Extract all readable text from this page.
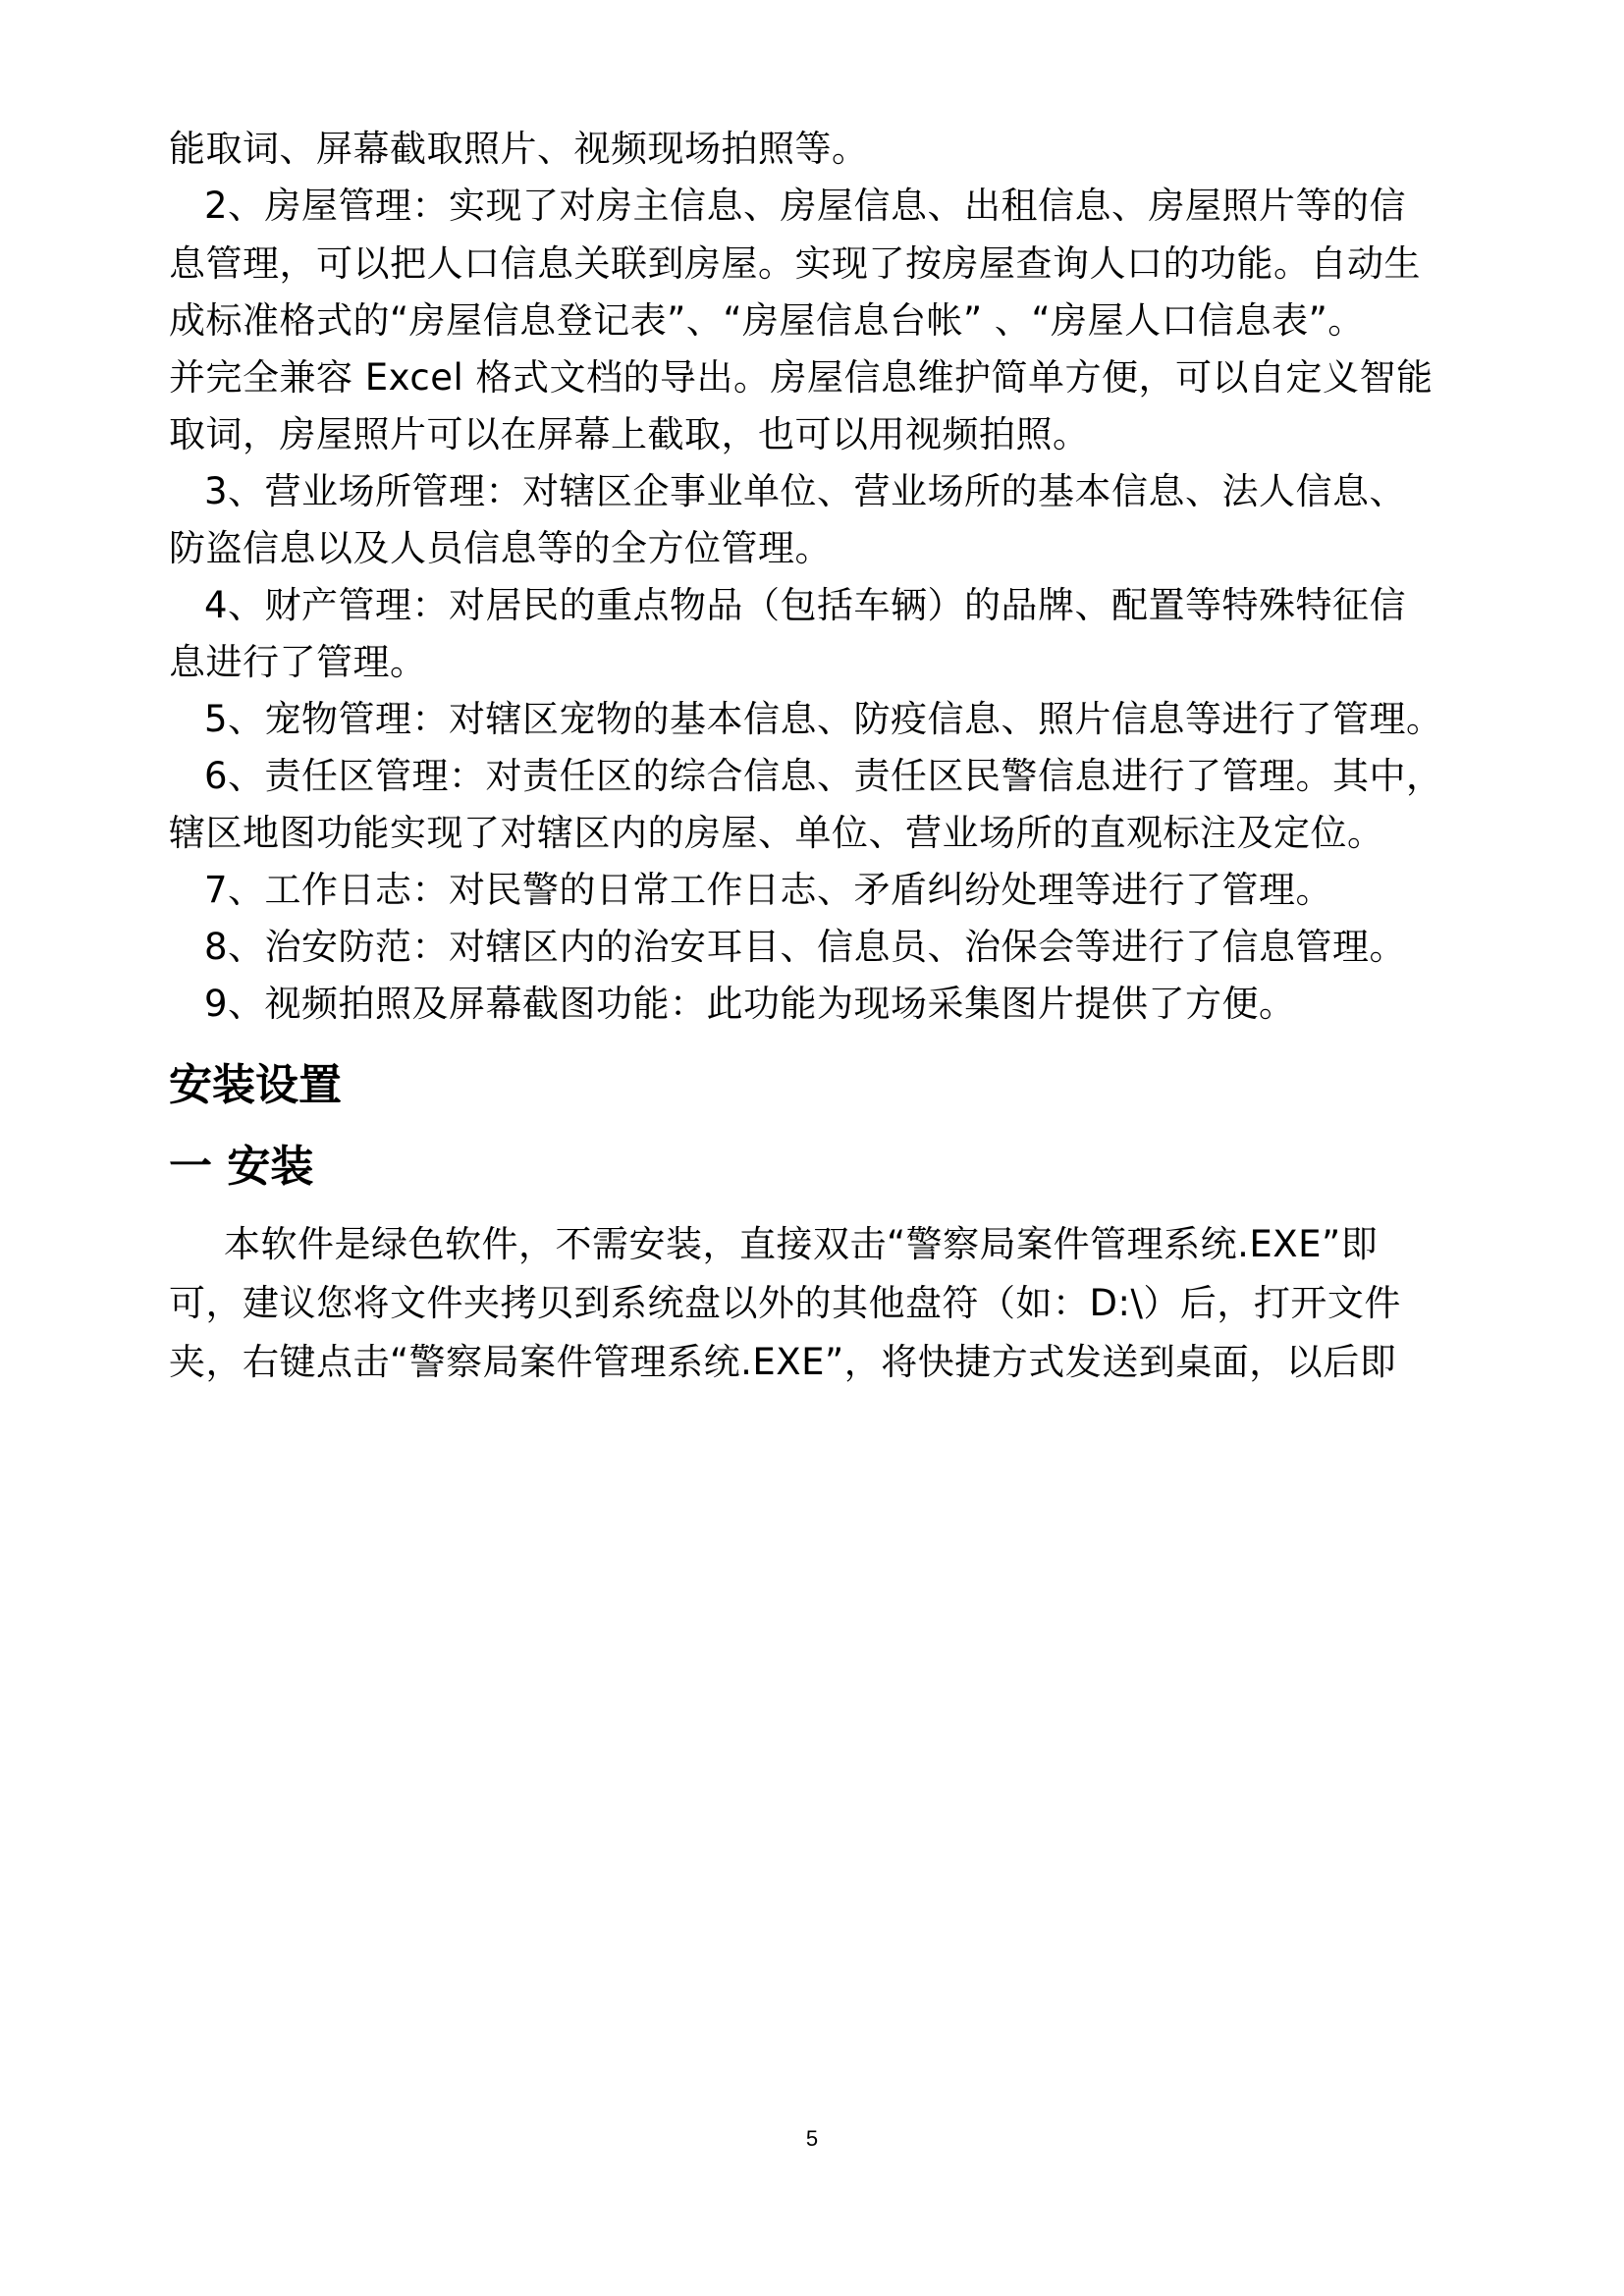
能取词、屏幕截取照片、视频现场拍照等。
2、房屋管理：实现了对房主信息、房屋信息、出租信息、房屋照片等的信
息管理，可以把人口信息关联到房屋。实现了按房屋查询人口的功能。自动生
成标准格式的“房屋信息登记表”、“房屋信息台帐” 、“房屋人口信息表”。
并完全兼容 Excel 格式文档的导出。房屋信息维护简单方便，可以自定义智能
取词，房屋照片可以在屏幕上截取，也可以用视频拍照。
3、营业场所管理：对辖区企事业单位、营业场所的基本信息、法人信息、
防盗信息以及人员信息等的全方位管理。
4、财产管理：对居民的重点物品（包括车辆）的品牌、配置等特殊特征信
息进行了管理。
5、宠物管理：对辖区宠物的基本信息、防疫信息、照片信息等进行了管理。
6、责任区管理：对责任区的综合信息、责任区民警信息进行了管理。其中，
辖区地图功能实现了对辖区内的房屋、单位、营业场所的直观标注及定位。
7、工作日志：对民警的日常工作日志、矛盾纠纷处理等进行了管理。
8、治安防范：对辖区内的治安耳目、信息员、治保会等进行了信息管理。
9、视频拍照及屏幕截图功能：此功能为现场采集图片提供了方便。
安装设置
一 安装
本软件是绿色软件，不需安装，直接双击“警察局案件管理系统.EXE”即
可，建议您将文件夹拷贝到系统盘以外的其他盘符（如：D:\）后，打开文件
夹，右键点击“警察局案件管理系统.EXE”，将快捷方式发送到桌面，以后即
5
